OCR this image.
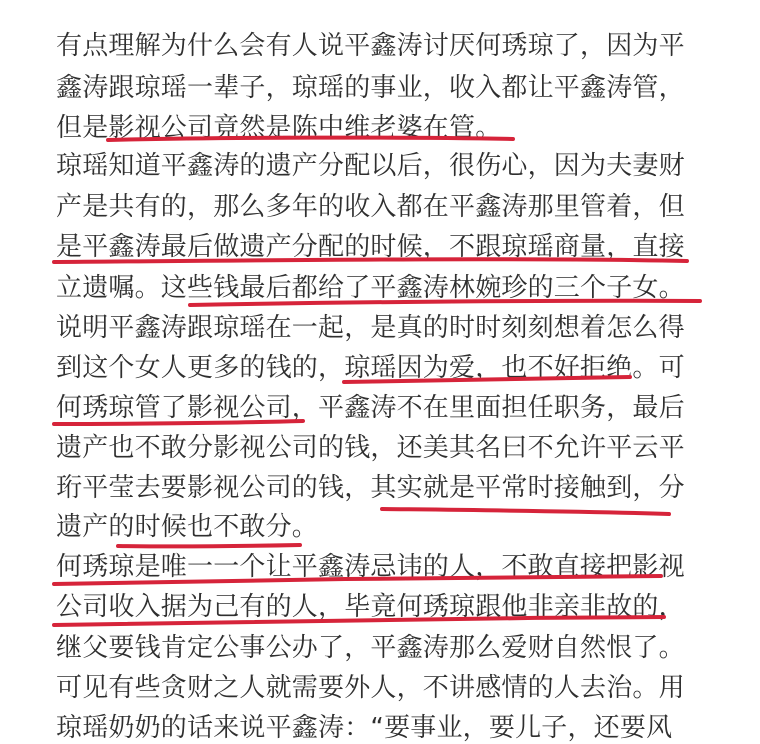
有点理解为什么会有人说平鑫涛讨厌何琇琼了，因为平
鑫涛跟琼瑶一辈子，琼瑶的事业，收入都让平鑫涛管，
但是影视公司竟然是陈中维老婆在管。
琼瑶知道平鑫涛的遗产分配以后，很伤心，因为夫妻财
产是共有的，那么多年的收入都在平鑫涛那里管着，但
是平鑫涛最后做遗产分配的时候，不跟琼瑶商量，直接
立遗嘱。这些钱最后都给了平鑫涛林婉珍的三个子女。
说明平鑫涛跟琼瑶在一起，是真的时时刻刻想着怎么得
到这个女人更多的钱的，琼瑶因为爱，也不好拒绝。可
何琇琼管了影视公司，平鑫涛不在里面担任职务，最后
遗产也不敢分影视公司的钱，还美其名曰不允许平云平
珩平莹去要影视公司的钱，其实就是平常时接触到，分
遗产的时候也不敢分。
何琇琼是唯一一个让平鑫涛忌讳的人，不敢直接把影视
公司收入据为己有的人，毕竟何琇琼跟他非亲非故的，
继父要钱肯定公事公办了，平鑫涛那么爱财自然恨了。
可见有些贪财之人就需要外人，不讲感情的人去治。用
琼瑶奶奶的话来说平鑫涛：“要事业，要儿子，还要风
